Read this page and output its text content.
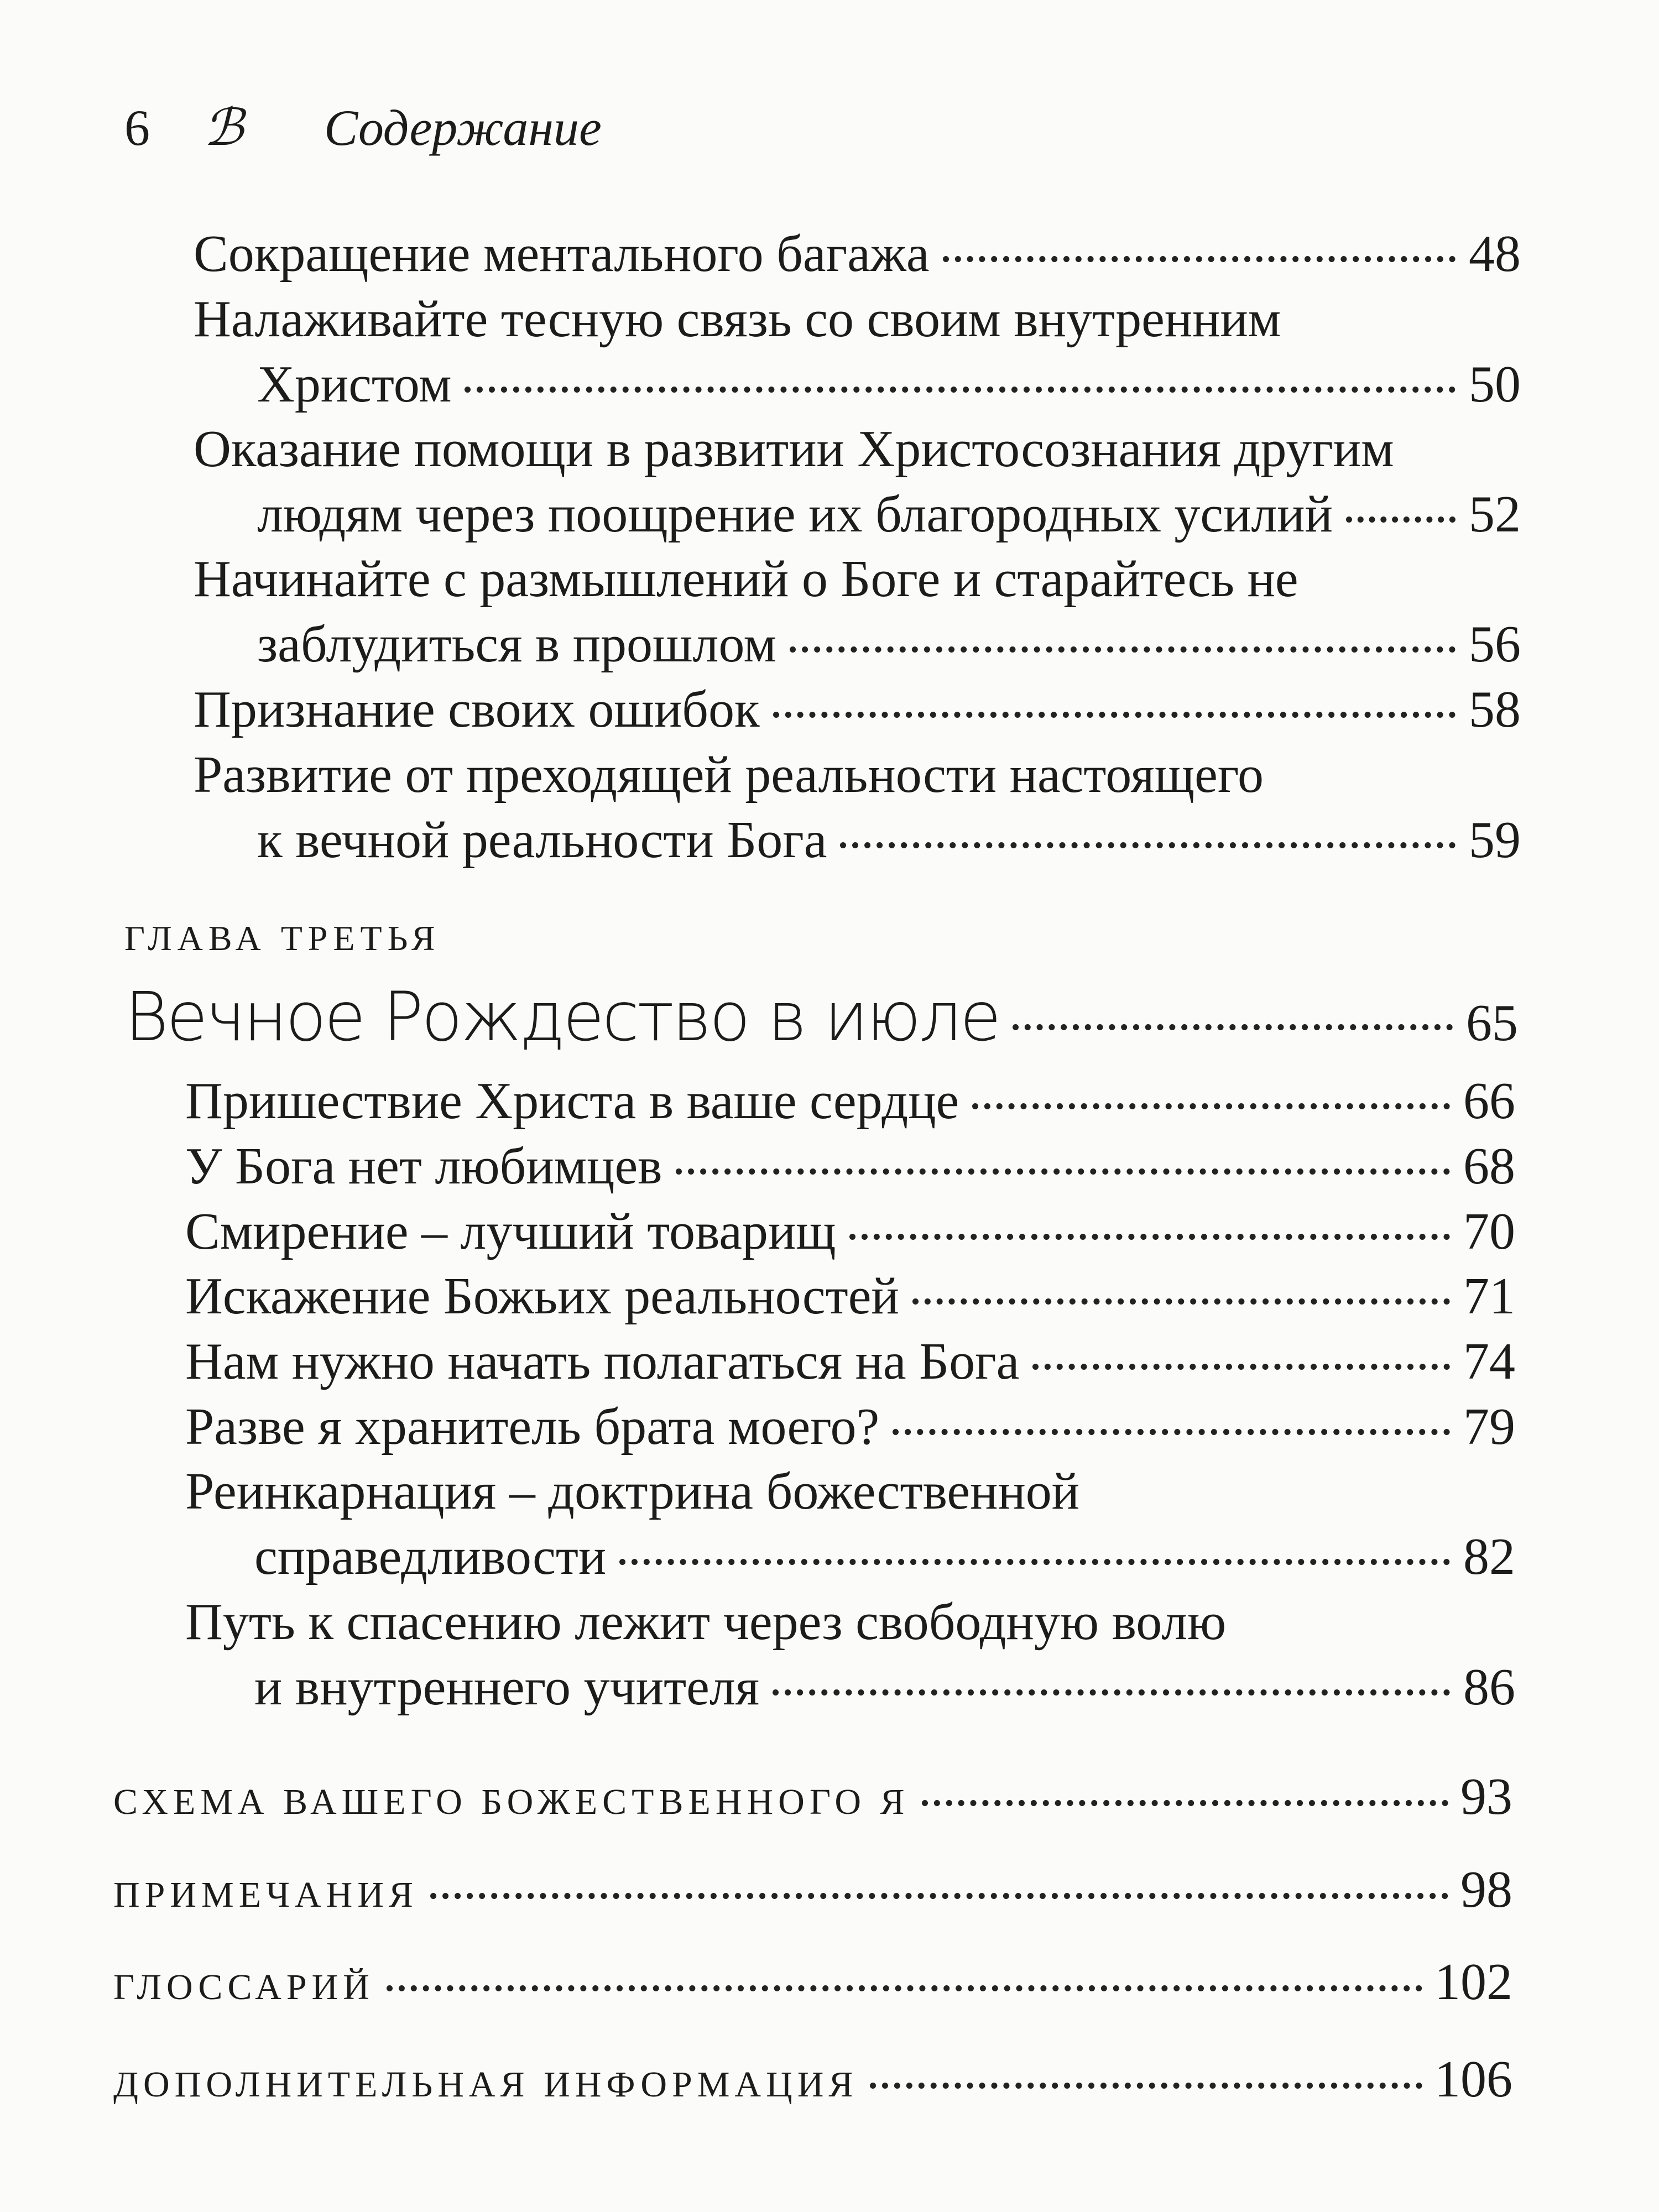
6 ℬ Содержание
Сокращение ментального багажа	48
Налаживайте тесную связь со своим внутренним
Христом	50
Оказание помощи в развитии Христосознания другим
людям через поощрение их благородных усилий	52
Начинайте с размышлений о Боге и старайтесь не
заблудиться в прошлом	56
Признание своих ошибок	58
Развитие от преходящей реальности настоящего
к вечной реальности Бога	59
ГЛАВА ТРЕТЬЯ
Вечное Рождество в июле	65
Пришествие Христа в ваше сердце	66
У Бога нет любимцев	68
Смирение – лучший товарищ	70
Искажение Божьих реальностей	71
Нам нужно начать полагаться на Бога	74
Разве я хранитель брата моего?	79
Реинкарнация – доктрина божественной
справедливости	82
Путь к спасению лежит через свободную волю
и внутреннего учителя	86
СХЕМА ВАШЕГО БОЖЕСТВЕННОГО Я	93
ПРИМЕЧАНИЯ	98
ГЛОССАРИЙ	102
ДОПОЛНИТЕЛЬНАЯ ИНФОРМАЦИЯ	106
